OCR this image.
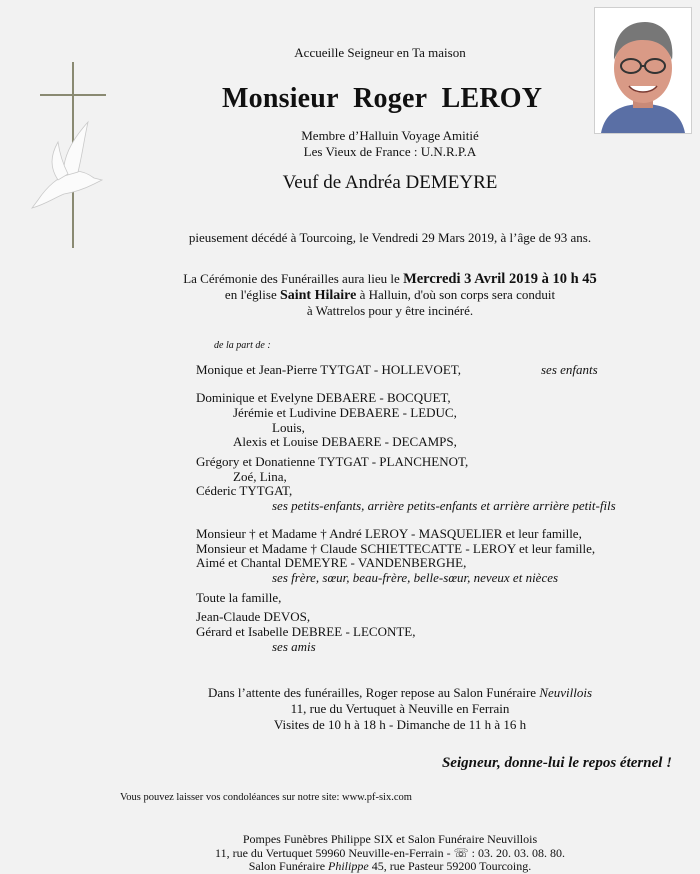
Accueille Seigneur en Ta maison
Monsieur Roger LEROY
Membre d’Halluin Voyage Amitié
Les Vieux de France : U.N.R.P.A
Veuf de Andréa DEMEYRE
pieusement décédé à Tourcoing, le Vendredi 29 Mars 2019, à l’âge de 93 ans.
La Cérémonie des Funérailles aura lieu le Mercredi 3 Avril 2019 à 10 h 45
en l'église Saint Hilaire à Halluin, d'où son corps sera conduit
à Wattrelos pour y être incinéré.
de la part de :
Monique et Jean-Pierre TYTGAT - HOLLEVOET,	ses enfants
Dominique et Evelyne DEBAERE - BOCQUET,
Jérémie et Ludivine DEBAERE - LEDUC,
Louis,
Alexis et Louise DEBAERE - DECAMPS,
Grégory et Donatienne TYTGAT - PLANCHENOT,
Zoé, Lina,
Céderic TYTGAT,
ses petits-enfants, arrière petits-enfants et arrière arrière petit-fils
Monsieur † et Madame † André LEROY - MASQUELIER et leur famille,
Monsieur et Madame † Claude SCHIETTECATTE - LEROY et leur famille,
Aimé et Chantal DEMEYRE - VANDENBERGHE,
ses frère, sœur, beau-frère, belle-sœur, neveux et nièces
Toute la famille,
Jean-Claude DEVOS,
Gérard et Isabelle DEBREE - LECONTE,
ses amis
Dans l’attente des funérailles, Roger repose au Salon Funéraire Neuvillois
11, rue du Vertuquet à Neuville en Ferrain
Visites de 10 h à 18 h - Dimanche de 11 h à 16 h
Seigneur, donne-lui le repos éternel !
Vous pouvez laisser vos condoléances sur notre site: www.pf-six.com
Pompes Funèbres Philippe SIX et Salon Funéraire Neuvillois
11, rue du Vertuquet 59960 Neuville-en-Ferrain - ☏ : 03. 20. 03. 08. 80.
Salon Funéraire Philippe 45, rue Pasteur 59200 Tourcoing.
